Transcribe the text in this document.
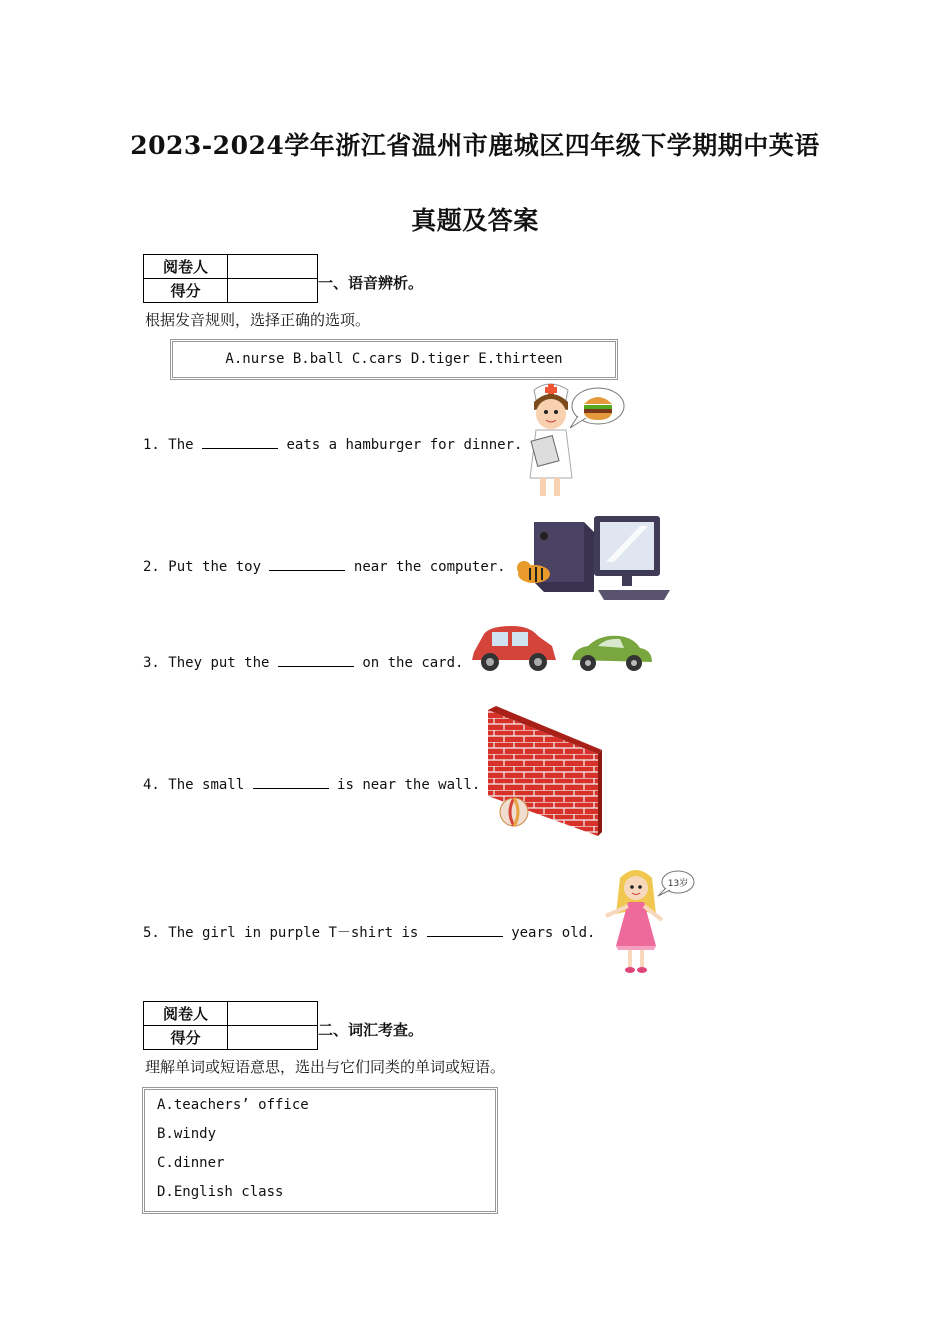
2023-2024学年浙江省温州市鹿城区四年级下学期期中英语
真题及答案
阅卷人	
得分		一、语音辨析。
根据发音规则，选择正确的选项。
A.nurse B.ball C.cars D.tiger E.thirteen
1. The	eats a hamburger for dinner.
2. Put the toy	near the computer.
3. They put the	on the card.
4. The small	is near the wall.
5. The girl in purple T－shirt is	years old.
13岁
阅卷人	
得分		二、词汇考查。
理解单词或短语意思，选出与它们同类的单词或短语。
A.teachers’ office
B.windy
C.dinner
D.English class
